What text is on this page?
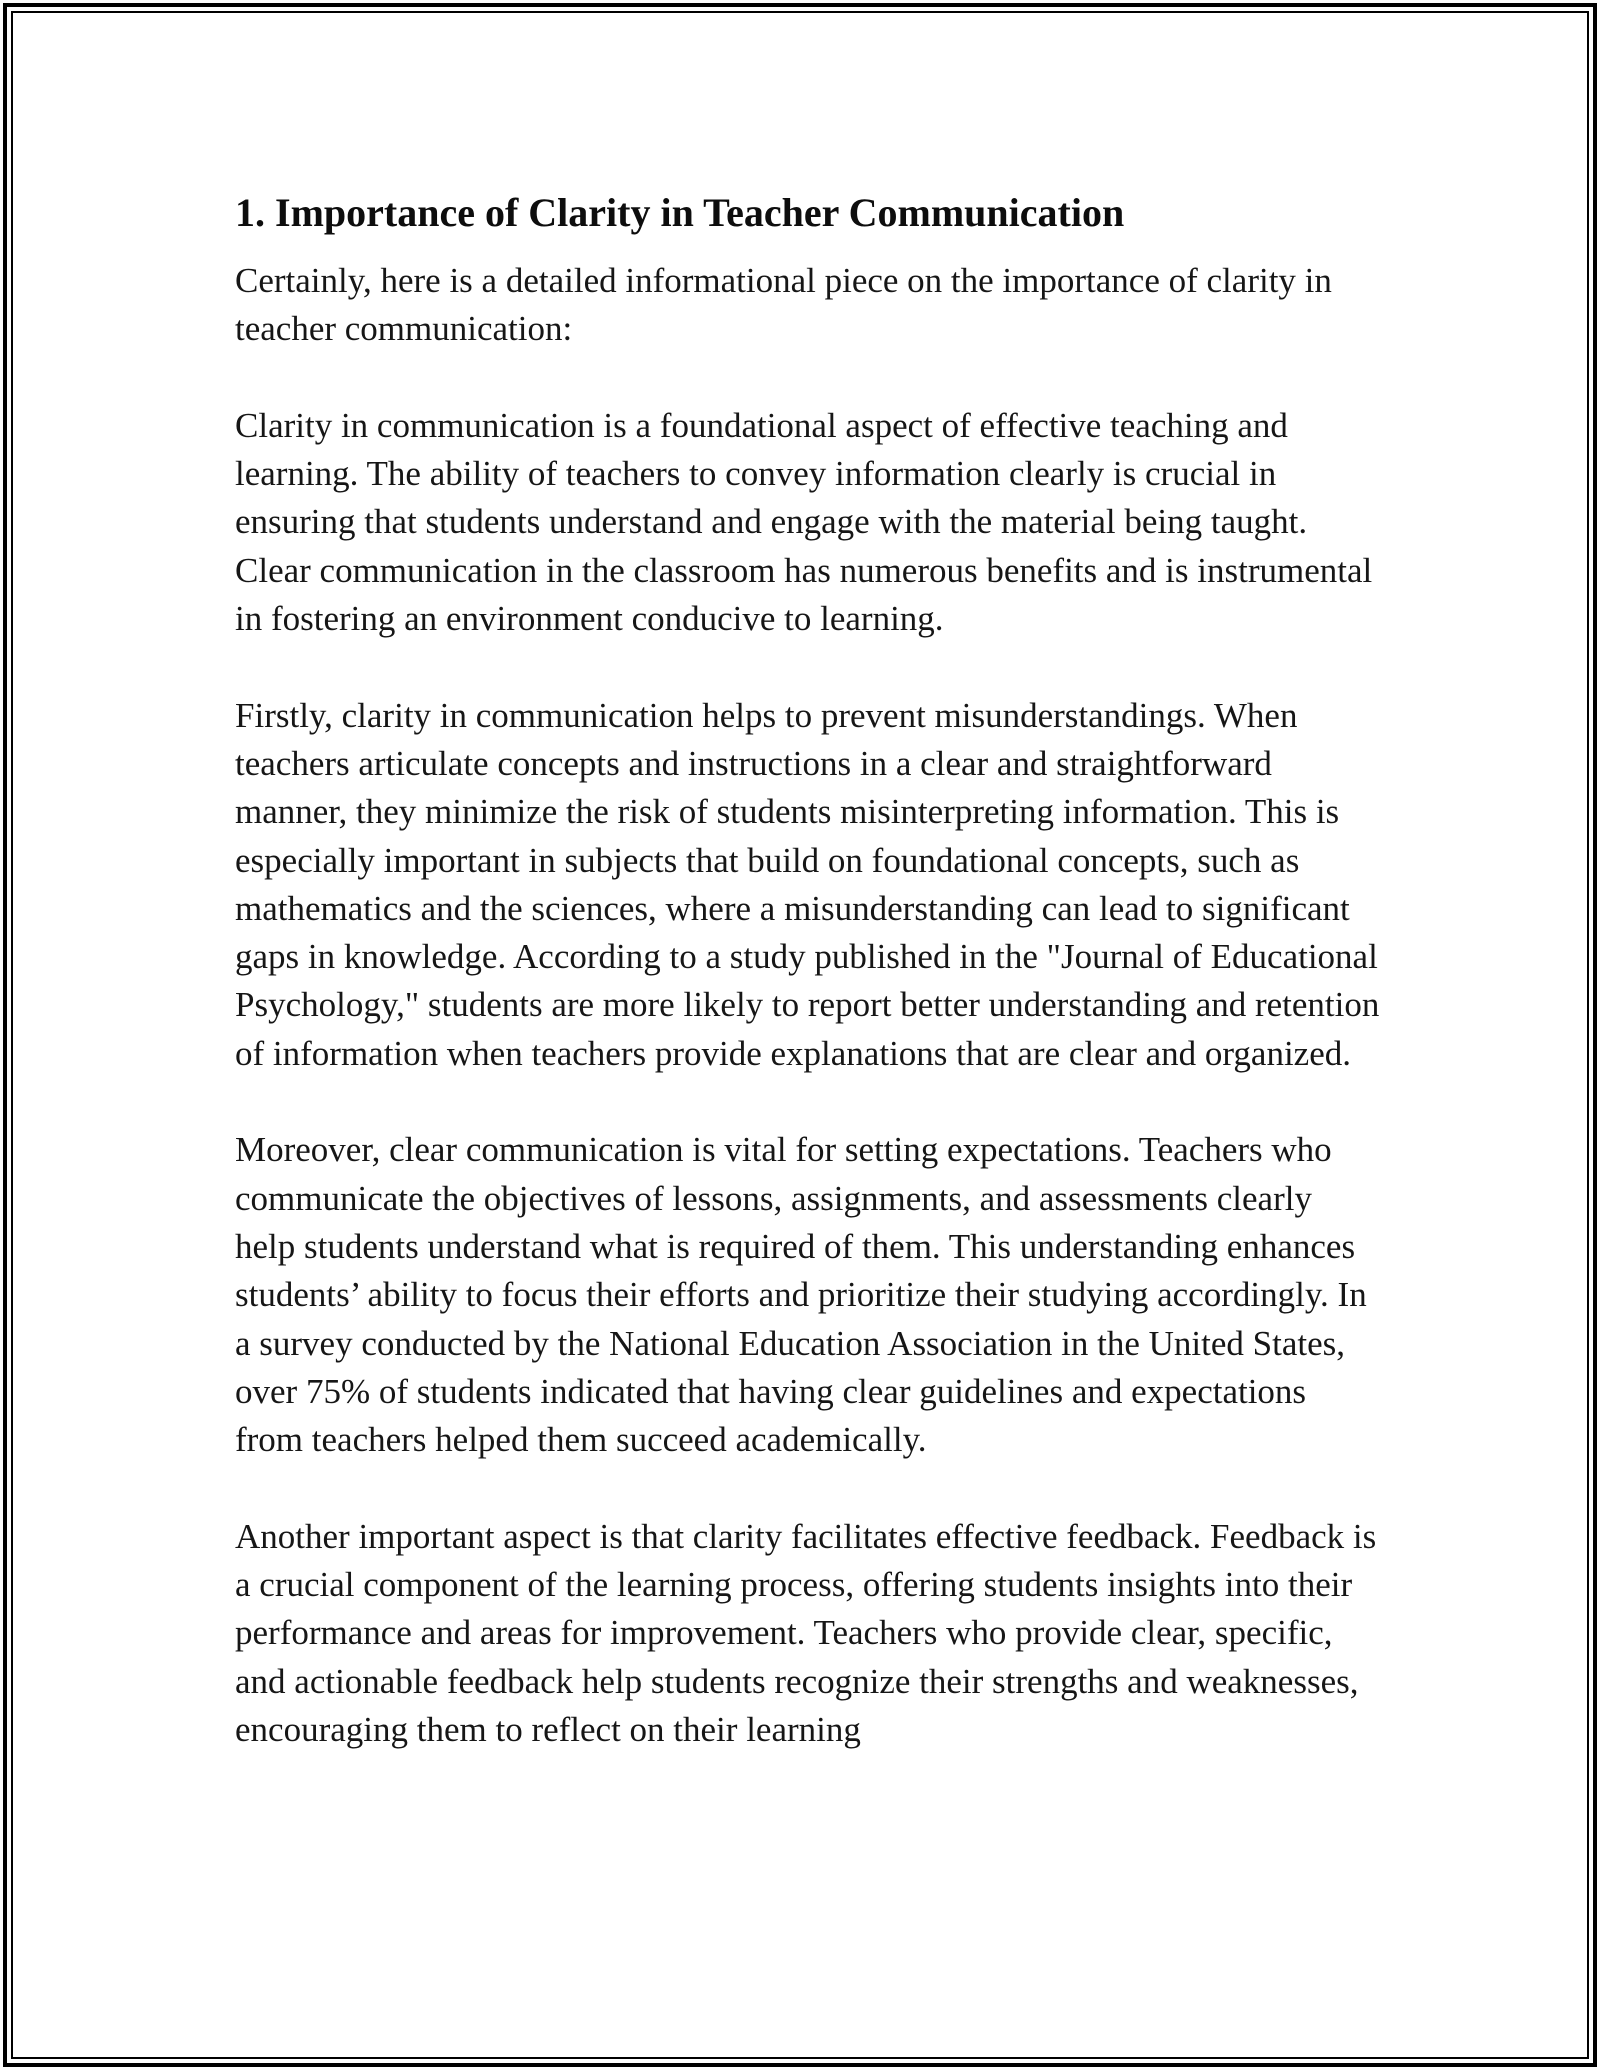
1. Importance of Clarity in Teacher Communication

Certainly, here is a detailed informational piece on the importance of clarity in teacher communication:

Clarity in communication is a foundational aspect of effective teaching and learning. The ability of teachers to convey information clearly is crucial in ensuring that students understand and engage with the material being taught. Clear communication in the classroom has numerous benefits and is instrumental in fostering an environment conducive to learning.

Firstly, clarity in communication helps to prevent misunderstandings. When teachers articulate concepts and instructions in a clear and straightforward manner, they minimize the risk of students misinterpreting information. This is especially important in subjects that build on foundational concepts, such as mathematics and the sciences, where a misunderstanding can lead to significant gaps in knowledge. According to a study published in the "Journal of Educational Psychology," students are more likely to report better understanding and retention of information when teachers provide explanations that are clear and organized.

Moreover, clear communication is vital for setting expectations. Teachers who communicate the objectives of lessons, assignments, and assessments clearly help students understand what is required of them. This understanding enhances students’ ability to focus their efforts and prioritize their studying accordingly. In a survey conducted by the National Education Association in the United States, over 75% of students indicated that having clear guidelines and expectations from teachers helped them succeed academically.

Another important aspect is that clarity facilitates effective feedback. Feedback is a crucial component of the learning process, offering students insights into their performance and areas for improvement. Teachers who provide clear, specific, and actionable feedback help students recognize their strengths and weaknesses, encouraging them to reflect on their learning
